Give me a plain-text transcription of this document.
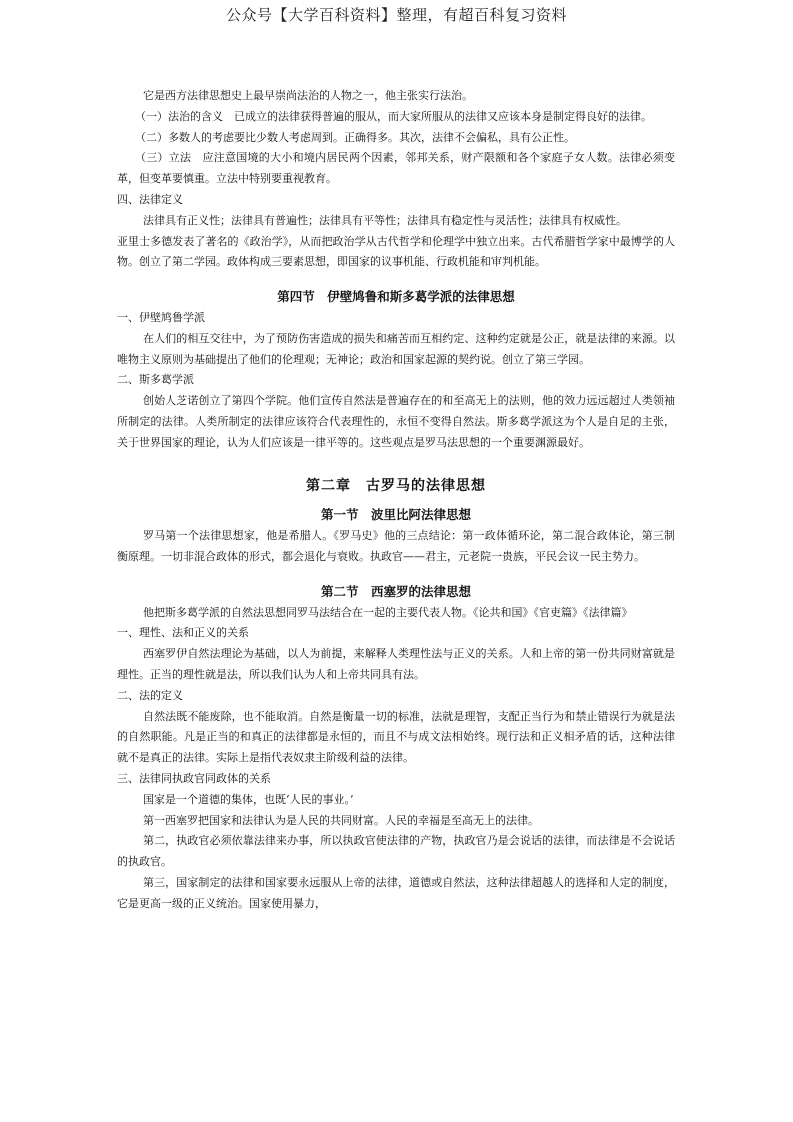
公众号【大学百科资料】整理，有超百科复习资料

它是西方法律思想史上最早崇尚法治的人物之一，他主张实行法治。

（一）法治的含义　已成立的法律获得普遍的服从，而大家所服从的法律又应该本身是制定得良好的法律。

（二）多数人的考虑要比少数人考虑周到。正确得多。其次，法律不会偏私，具有公正性。

（三）立法　应注意国境的大小和境内居民两个因素，邻邦关系，财产限额和各个家庭子女人数。法律必须变革，但变革要慎重。立法中特别要重视教育。

四、法律定义

法律具有正义性；法律具有普遍性；法律具有平等性；法律具有稳定性与灵活性；法律具有权威性。

亚里士多德发表了著名的《政治学》，从而把政治学从古代哲学和伦理学中独立出来。古代希腊哲学家中最博学的人物。创立了第二学园。政体构成三要素思想，即国家的议事机能、行政机能和审判机能。

第四节　伊壁鸠鲁和斯多葛学派的法律思想

一、伊壁鸠鲁学派

在人们的相互交往中，为了预防伤害造成的损失和痛苦而互相约定、这种约定就是公正，就是法律的来源。以唯物主义原则为基础提出了他们的伦理观；无神论；政治和国家起源的契约说。创立了第三学园。

二、斯多葛学派

创始人芝诺创立了第四个学院。他们宣传自然法是普遍存在的和至高无上的法则，他的效力远远超过人类领袖所制定的法律。人类所制定的法律应该符合代表理性的，永恒不变得自然法。斯多葛学派这为个人是自足的主张，关于世界国家的理论，认为人们应该是一律平等的。这些观点是罗马法思想的一个重要渊源最好。

第二章　古罗马的法律思想

第一节　波里比阿法律思想

罗马第一个法律思想家，他是希腊人。《罗马史》他的三点结论：第一政体循环论，第二混合政体论，第三制衡原理。一切非混合政体的形式，都会退化与衰败。执政官——君主，元老院一贵族，平民会议一民主势力。

第二节　西塞罗的法律思想

他把斯多葛学派的自然法思想同罗马法结合在一起的主要代表人物。《论共和国》《官吏篇》《法律篇》

一、理性、法和正义的关系

西塞罗伊自然法理论为基础，以人为前提，来解释人类理性法与正义的关系。人和上帝的第一份共同财富就是理性。正当的理性就是法，所以我们认为人和上帝共同具有法。

二、法的定义

自然法既不能废除，也不能取消。自然是衡量一切的标准，法就是理智，支配正当行为和禁止错误行为就是法的自然职能。凡是正当的和真正的法律都是永恒的，而且不与成文法相始终。现行法和正义相矛盾的话，这种法律就不是真正的法律。实际上是指代表奴隶主阶级利益的法律。

三、法律同执政官同政体的关系

国家是一个道德的集体，也既‘人民的事业。’

第一西塞罗把国家和法律认为是人民的共同财富。人民的幸福是至高无上的法律。

第二，执政官必须依靠法律来办事，所以执政官使法律的产物，执政官乃是会说话的法律，而法律是不会说话的执政官。

第三，国家制定的法律和国家要永远服从上帝的法律，道德或自然法，这种法律超越人的选择和人定的制度，它是更高一级的正义统治。国家使用暴力，
